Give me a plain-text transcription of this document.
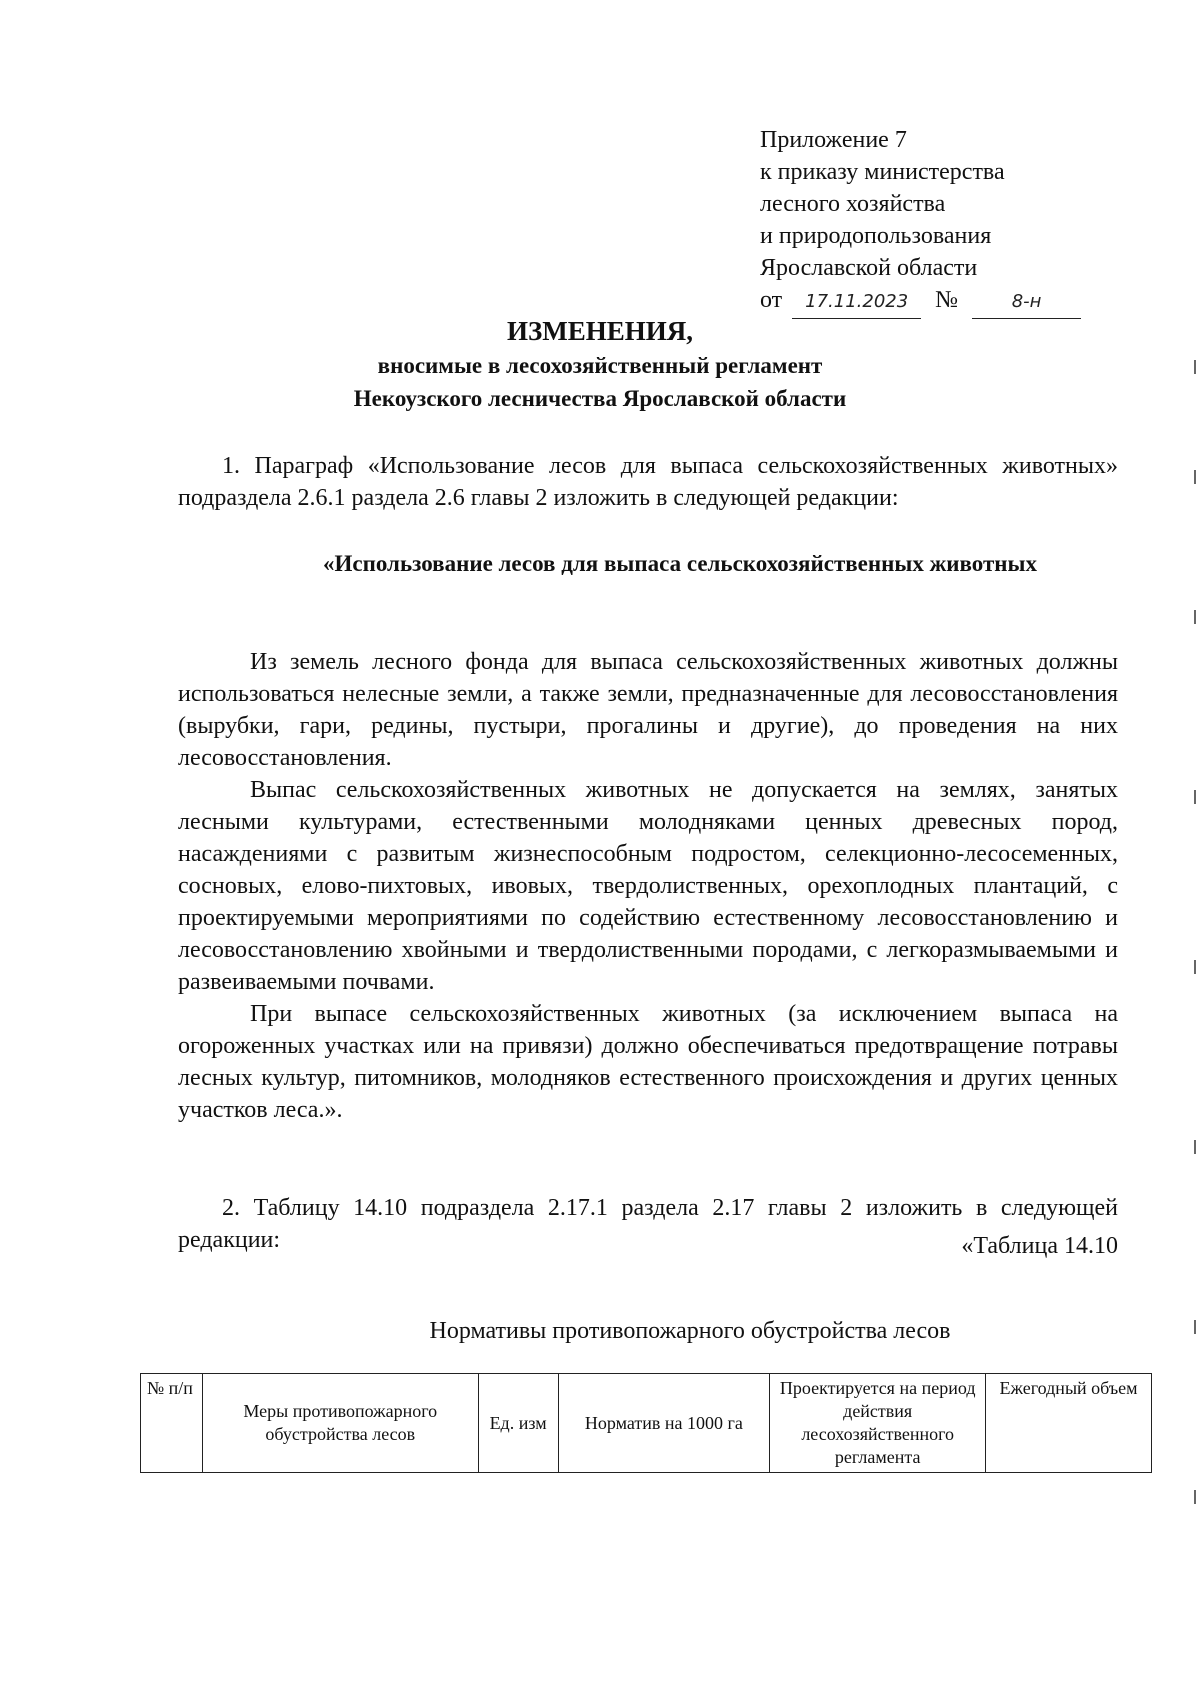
Приложение 7
к приказу министерства
лесного хозяйства
и природопользования
Ярославской области
от 17.11.2023 №	8-н
ИЗМЕНЕНИЯ,
вносимые в лесохозяйственный регламент
Некоузского лесничества Ярославской области

1. Параграф «Использование лесов для выпаса сельскохозяйственных животных» подраздела 2.6.1 раздела 2.6 главы 2 изложить в следующей редакции:

«Использование лесов для выпаса сельскохозяйственных животных

Из земель лесного фонда для выпаса сельскохозяйственных животных должны использоваться нелесные земли, а также земли, предназначенные для лесовосстановления (вырубки, гари, редины, пустыри, прогалины и другие), до проведения на них лесовосстановления.

Выпас сельскохозяйственных животных не допускается на землях, занятых лесными культурами, естественными молодняками ценных древесных пород, насаждениями с развитым жизнеспособным подростом, селекционно-лесосеменных, сосновых, елово-пихтовых, ивовых, твердолиственных, орехоплодных плантаций, с проектируемыми мероприятиями по содействию естественному лесовосстановлению и лесовосстановлению хвойными и твердолиственными породами, с легкоразмываемыми и развеиваемыми почвами.

При выпасе сельскохозяйственных животных (за исключением выпаса на огороженных участках или на привязи) должно обеспечиваться предотвращение потравы лесных культур, питомников, молодняков естественного происхождения и других ценных участков леса.».

2. Таблицу 14.10 подраздела 2.17.1 раздела 2.17 главы 2 изложить в следующей редакции:	«Таблица 14.10
Нормативы противопожарного обустройства лесов
№ п/п	Меры противопожарного обустройства лесов	Ед. изм	Норматив на 1000 га	Проектируется на период действия лесохозяйственного регламента	Ежегодный объем
